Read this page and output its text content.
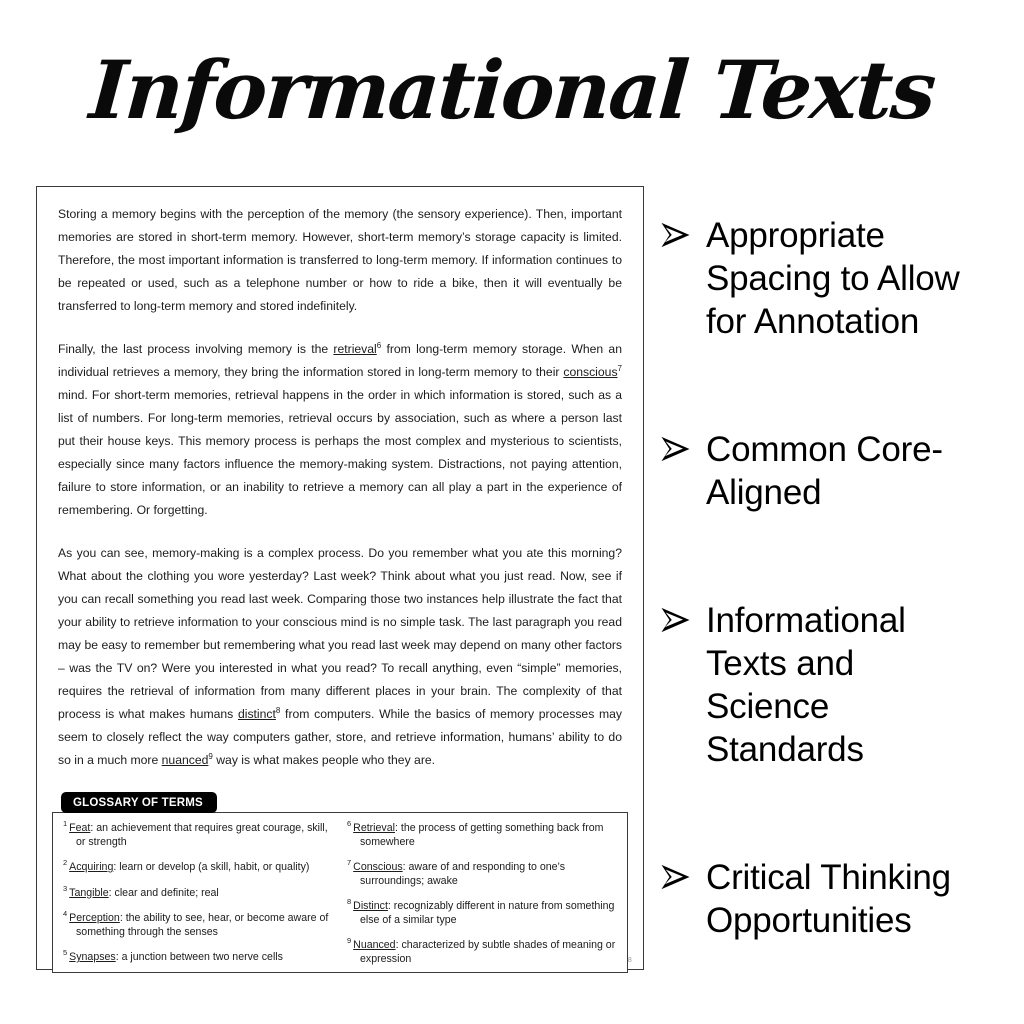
Informational Texts

Storing a memory begins with the perception of the memory (the sensory experience). Then, important memories are stored in short-term memory. However, short-term memory’s storage capacity is limited. Therefore, the most important information is transferred to long-term memory. If information continues to be repeated or used, such as a telephone number or how to ride a bike, then it will eventually be transferred to long-term memory and stored indefinitely.

Finally, the last process involving memory is the retrieval$^6$ from long-term memory storage. When an individual retrieves a memory, they bring the information stored in long-term memory to their conscious$^7$ mind. For short-term memories, retrieval happens in the order in which information is stored, such as a list of numbers. For long-term memories, retrieval occurs by association, such as where a person last put their house keys. This memory process is perhaps the most complex and mysterious to scientists, especially since many factors influence the memory-making system. Distractions, not paying attention, failure to store information, or an inability to retrieve a memory can all play a part in the experience of remembering. Or forgetting.

As you can see, memory-making is a complex process. Do you remember what you ate this morning? What about the clothing you wore yesterday? Last week? Think about what you just read. Now, see if you can recall something you read last week. Comparing those two instances help illustrate the fact that your ability to retrieve information to your conscious mind is no simple task. The last paragraph you read may be easy to remember but remembering what you read last week may depend on many other factors – was the TV on? Were you interested in what you read? To recall anything, even “simple” memories, requires the retrieval of information from many different places in your brain. The complexity of that process is what makes humans distinct$^8$ from computers. While the basics of memory processes may seem to closely reflect the way computers gather, store, and retrieve information, humans’ ability to do so in a much more nuanced$^9$ way is what makes people who they are.

GLOSSARY OF TERMS
$^1$ Feat: an achievement that requires great courage, skill, or strength
$^2$ Acquiring: learn or develop (a skill, habit, or quality)
$^3$ Tangible: clear and definite; real
$^4$ Perception: the ability to see, hear, or become aware of something through the senses
$^5$ Synapses: a junction between two nerve cells
$^6$ Retrieval: the process of getting something back from somewhere
$^7$ Conscious: aware of and responding to one’s surroundings; awake
$^8$ Distinct: recognizably different in nature from something else of a similar type
$^9$ Nuanced: characterized by subtle shades of meaning or expression	8
Appropriate Spacing to Allow for Annotation
Common Core-Aligned
Informational Texts and Science Standards
Critical Thinking Opportunities
